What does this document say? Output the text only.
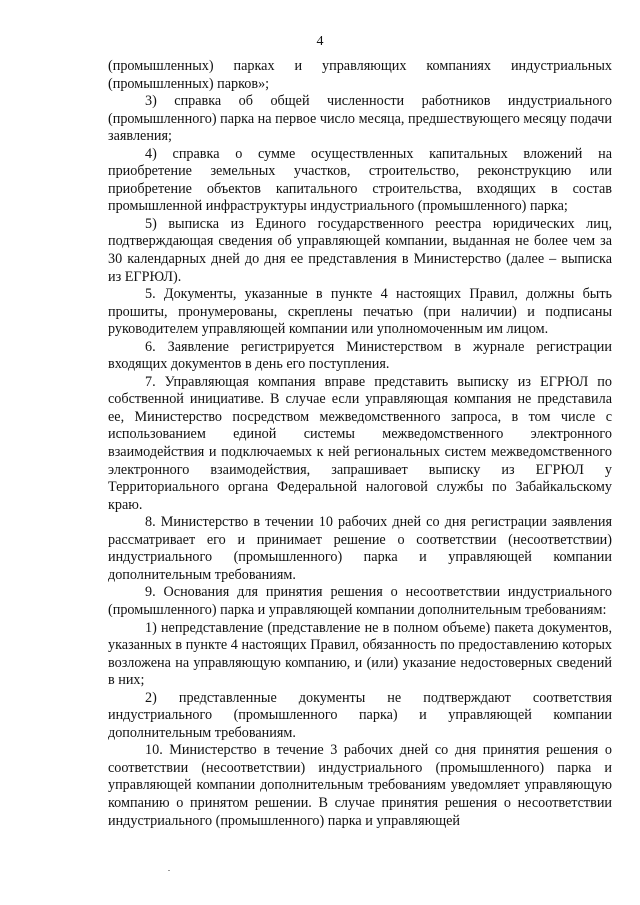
4

(промышленных) парках и управляющих компаниях индустриальных (промышленных) парков»;

3) справка об общей численности работников индустриального (промышленного) парка на первое число месяца, предшествующего месяцу подачи заявления;

4) справка о сумме осуществленных капитальных вложений на приобретение земельных участков, строительство, реконструкцию или приобретение объектов капитального строительства, входящих в состав промышленной инфраструктуры индустриального (промышленного) парка;

5) выписка из Единого государственного реестра юридических лиц, подтверждающая сведения об управляющей компании, выданная не более чем за 30 календарных дней до дня ее представления в Министерство (далее – выписка из ЕГРЮЛ).

5. Документы, указанные в пункте 4 настоящих Правил, должны быть прошиты, пронумерованы, скреплены печатью (при наличии) и подписаны руководителем управляющей компании или уполномоченным им лицом.

6. Заявление регистрируется Министерством в журнале регистрации входящих документов в день его поступления.

7. Управляющая компания вправе представить выписку из ЕГРЮЛ по собственной инициативе. В случае если управляющая компания не представила ее, Министерство посредством межведомственного запроса, в том числе с использованием единой системы межведомственного электронного взаимодействия и подключаемых к ней региональных систем межведомственного электронного взаимодействия, запрашивает выписку из ЕГРЮЛ у Территориального органа Федеральной налоговой службы по Забайкальскому краю.

8. Министерство в течении 10 рабочих дней со дня регистрации заявления рассматривает его и принимает решение о соответствии (несоответствии) индустриального (промышленного) парка и управляющей компании дополнительным требованиям.

9. Основания для принятия решения о несоответствии индустриального (промышленного) парка и управляющей компании дополнительным требованиям:

1) непредставление (представление не в полном объеме) пакета документов, указанных в пункте 4 настоящих Правил, обязанность по предоставлению которых возложена на управляющую компанию, и (или) указание недостоверных сведений в них;

2) представленные документы не подтверждают соответствия индустриального (промышленного парка) и управляющей компании дополнительным требованиям.

10. Министерство в течение 3 рабочих дней со дня принятия решения о соответствии (несоответствии) индустриального (промышленного) парка и управляющей компании дополнительным требованиям уведомляет управляющую компанию о принятом решении. В случае принятия решения о несоответствии индустриального (промышленного) парка и управляющей
